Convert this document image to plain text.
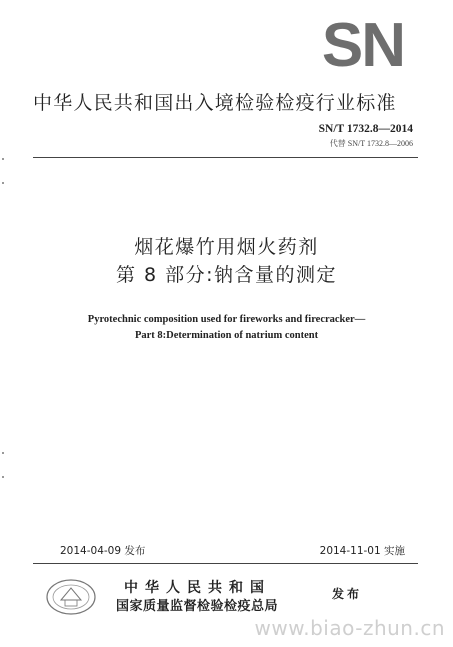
SN
中华人民共和国出入境检验检疫行业标准
SN/T 1732.8—2014
代替 SN/T 1732.8—2006
烟花爆竹用烟火药剂
第 8 部分:钠含量的测定
Pyrotechnic composition used for fireworks and firecracker—
Part 8:Determination of natrium content
2014-04-09 发布	2014-11-01 实施
中华人民共和国
国家质量监督检验检疫总局
发布
www.biao-zhun.cn
